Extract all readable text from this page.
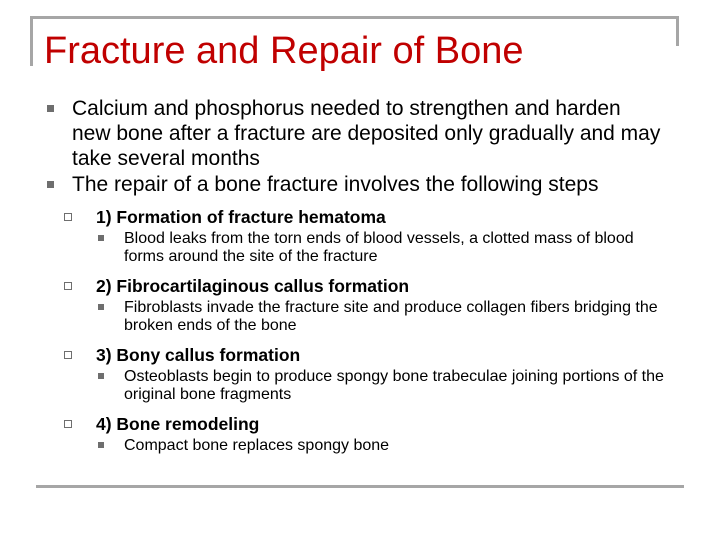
Fracture and Repair of Bone
Calcium and phosphorus needed to strengthen and harden new bone after a fracture are deposited only gradually and may take several months
The repair of a bone fracture involves the following steps
1) Formation of fracture hematoma
Blood leaks from the torn ends of blood vessels, a clotted mass of blood forms around the site of the fracture
2) Fibrocartilaginous callus formation
Fibroblasts invade the fracture site and produce collagen fibers bridging the broken ends of the bone
3) Bony callus formation
Osteoblasts begin to produce spongy bone trabeculae joining portions of the original bone fragments
4) Bone remodeling
Compact bone replaces spongy bone
